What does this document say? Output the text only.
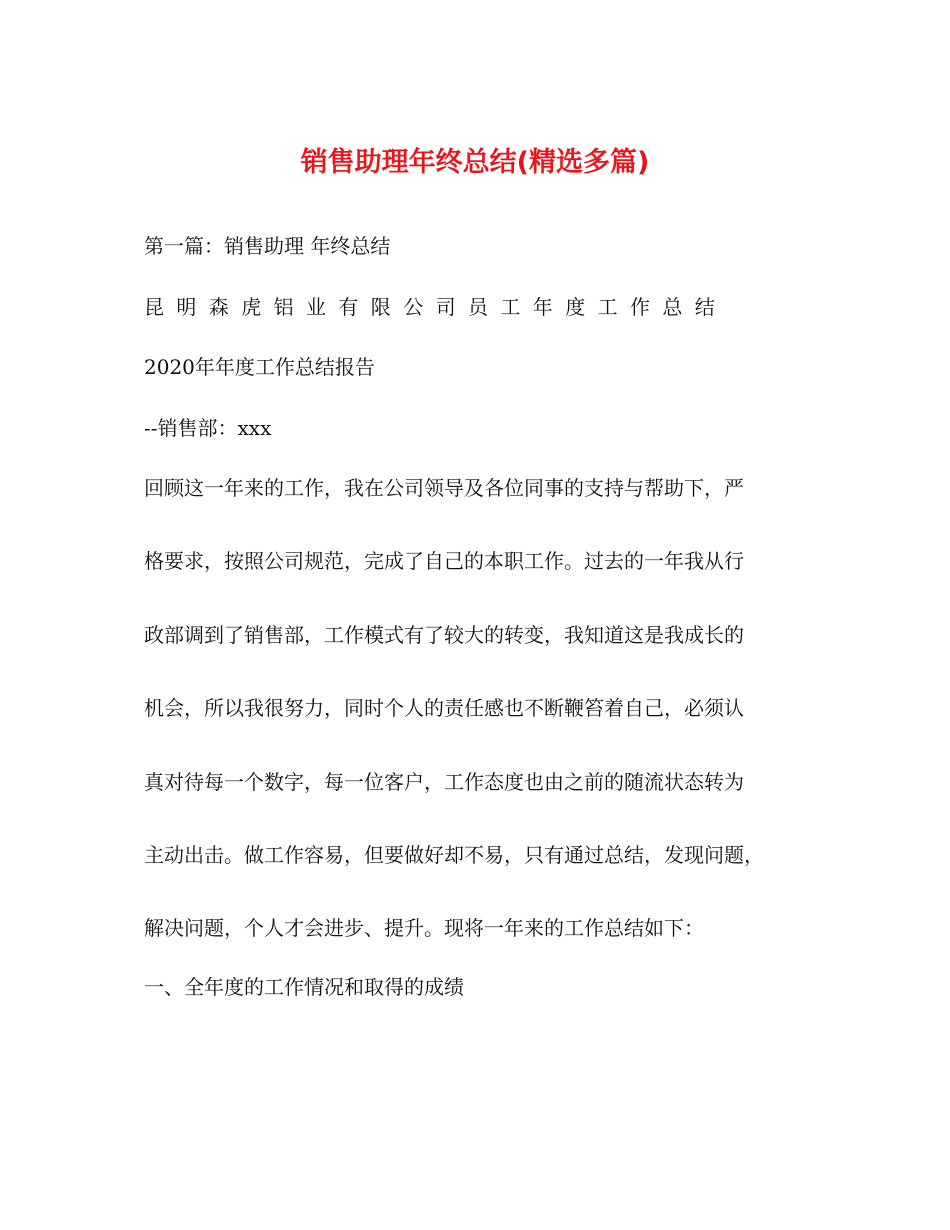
销售助理年终总结(精选多篇)
第一篇：销售助理 年终总结
昆明森虎铝业有限公司员工年度工作总结
2020年年度工作总结报告
--销售部：xxx
回顾这一年来的工作，我在公司领导及各位同事的支持与帮助下，严
格要求，按照公司规范，完成了自己的本职工作。过去的一年我从行
政部调到了销售部，工作模式有了较大的转变，我知道这是我成长的
机会，所以我很努力，同时个人的责任感也不断鞭笞着自己，必须认
真对待每一个数字，每一位客户，工作态度也由之前的随流状态转为
主动出击。做工作容易，但要做好却不易，只有通过总结，发现问题，
解决问题，个人才会进步、提升。现将一年来的工作总结如下：
一、全年度的工作情况和取得的成绩
